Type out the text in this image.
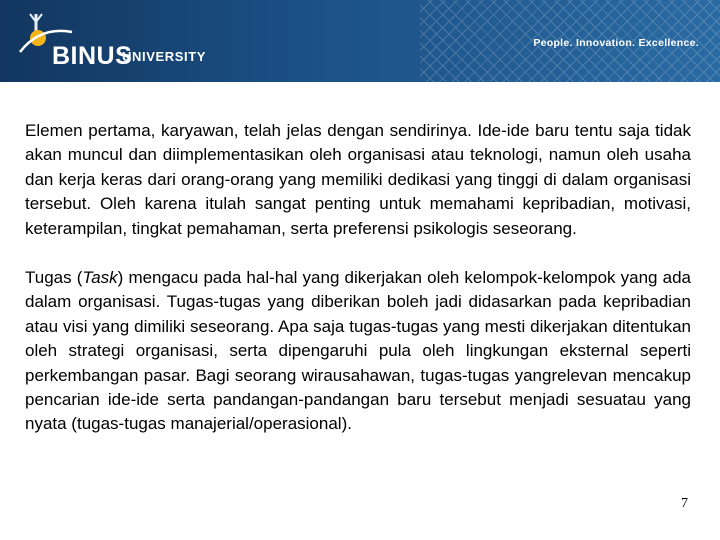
BINUS
UNIVERSITY
People. Innovation. Excellence.

Elemen pertama, karyawan, telah jelas dengan sendirinya. Ide-ide baru tentu saja tidak akan muncul dan diimplementasikan oleh organisasi atau teknologi, namun oleh usaha dan kerja keras dari orang-orang yang memiliki dedikasi yang tinggi di dalam organisasi tersebut. Oleh karena itulah sangat penting untuk memahami kepribadian, motivasi, keterampilan, tingkat pemahaman, serta preferensi psikologis seseorang.

Tugas (Task) mengacu pada hal-hal yang dikerjakan oleh kelompok-kelompok yang ada dalam organisasi. Tugas-tugas yang diberikan boleh jadi didasarkan pada kepribadian atau visi yang dimiliki seseorang. Apa saja tugas-tugas yang mesti dikerjakan ditentukan oleh strategi organisasi, serta dipengaruhi pula oleh lingkungan eksternal seperti perkembangan pasar. Bagi seorang wirausahawan, tugas-tugas yangrelevan mencakup pencarian ide-ide serta pandangan-pandangan baru tersebut menjadi sesuatau yang nyata (tugas-tugas manajerial/operasional).

7
